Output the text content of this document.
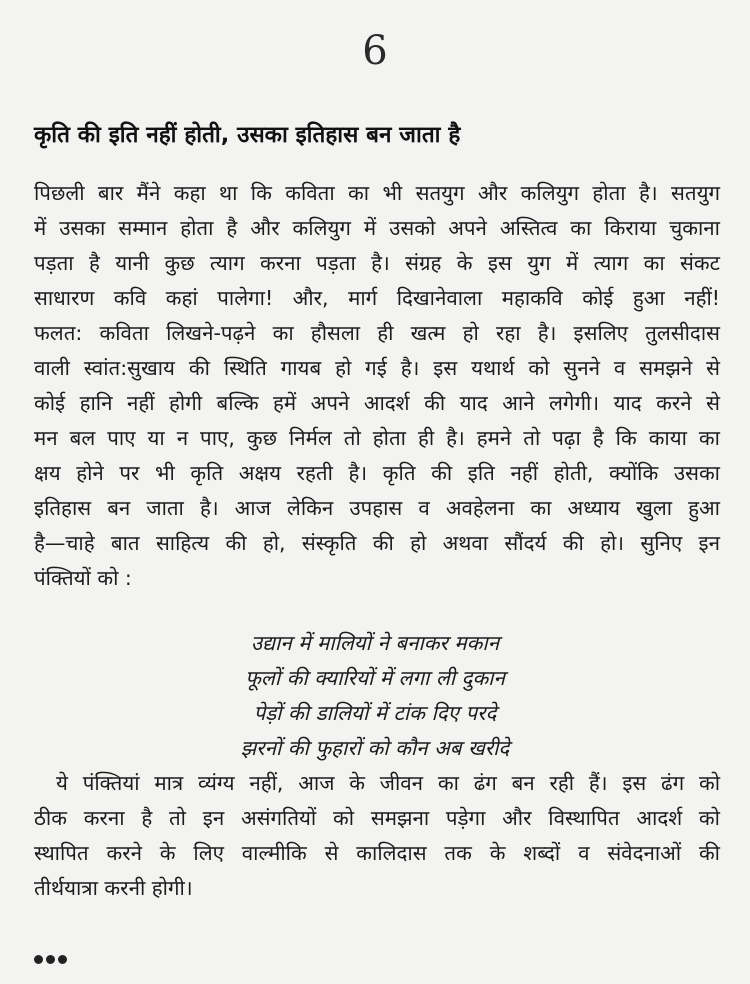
6
कृति की इति नहीं होती, उसका इतिहास बन जाता है
पिछली बार मैंने कहा था कि कविता का भी सतयुग और कलियुग होता है। सतयुग
में उसका सम्मान होता है और कलियुग में उसको अपने अस्तित्व का किराया चुकाना
पड़ता है यानी कुछ त्याग करना पड़ता है। संग्रह के इस युग में त्याग का संकट
साधारण कवि कहां पालेगा! और, मार्ग दिखानेवाला महाकवि कोई हुआ नहीं!
फलत: कविता लिखने-पढ़ने का हौसला ही खत्म हो रहा है। इसलिए तुलसीदास
वाली स्वांत:सुखाय की स्थिति गायब हो गई है। इस यथार्थ को सुनने व समझने से
कोई हानि नहीं होगी बल्कि हमें अपने आदर्श की याद आने लगेगी। याद करने से
मन बल पाए या न पाए, कुछ निर्मल तो होता ही है। हमने तो पढ़ा है कि काया का
क्षय होने पर भी कृति अक्षय रहती है। कृति की इति नहीं होती, क्योंकि उसका
इतिहास बन जाता है। आज लेकिन उपहास व अवहेलना का अध्याय खुला हुआ
है—चाहे बात साहित्य की हो, संस्कृति की हो अथवा सौंदर्य की हो। सुनिए इन
पंक्तियों को :
उद्यान में मालियों ने बनाकर मकान
फूलों की क्यारियों में लगा ली दुकान
पेड़ों की डालियों में टांक दिए परदे
झरनों की फुहारों को कौन अब खरीदे
ये पंक्तियां मात्र व्यंग्य नहीं, आज के जीवन का ढंग बन रही हैं। इस ढंग को
ठीक करना है तो इन असंगतियों को समझना पड़ेगा और विस्थापित आदर्श को
स्थापित करने के लिए वाल्मीकि से कालिदास तक के शब्दों व संवेदनाओं की
तीर्थयात्रा करनी होगी।
